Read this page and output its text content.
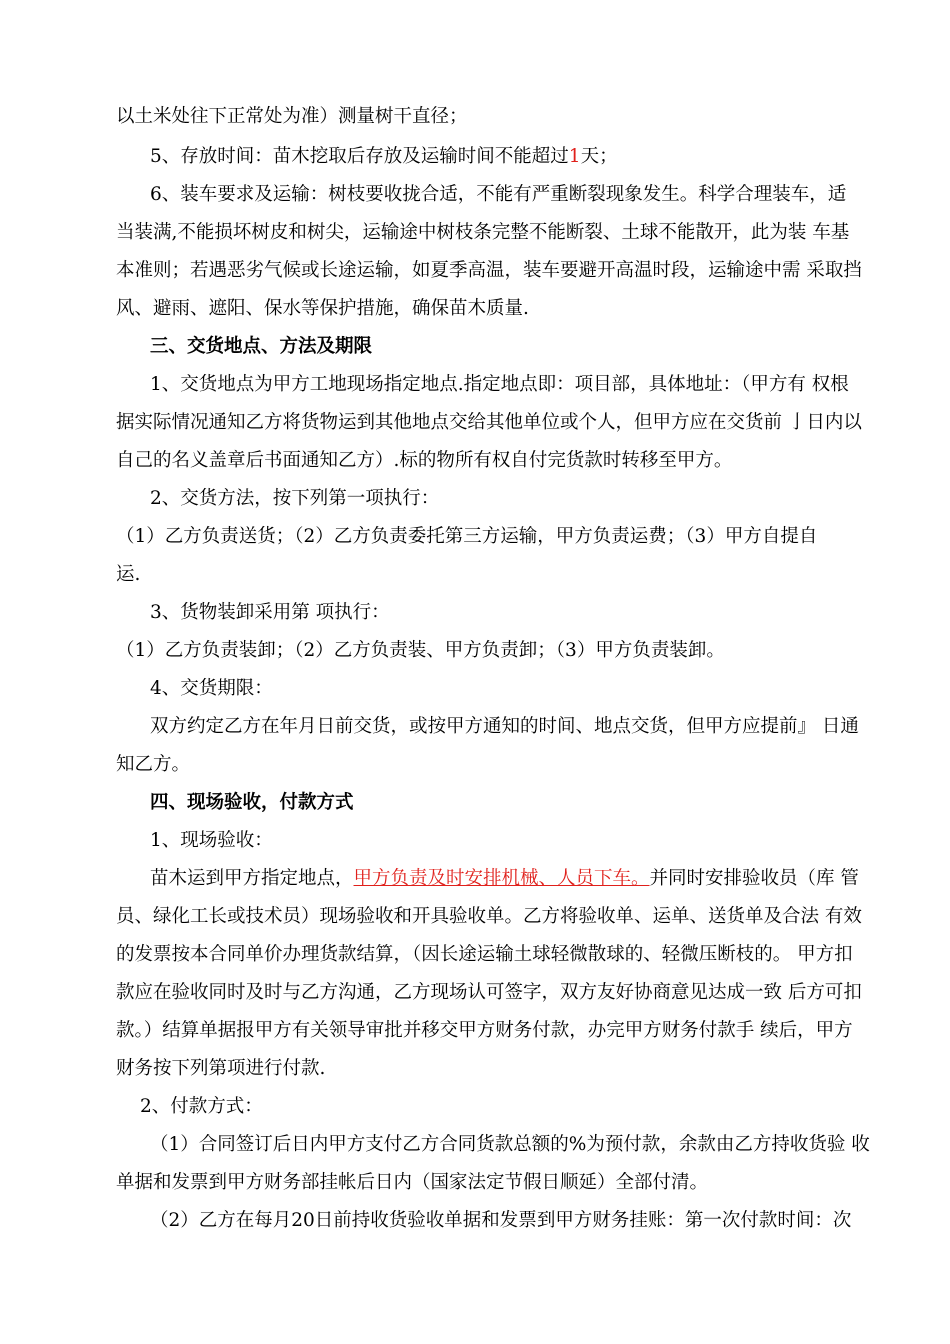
以土米处往下正常处为准）测量树干直径；
5、存放时间：苗木挖取后存放及运输时间不能超过1天；
6、装车要求及运输：树枝要收拢合适，不能有严重断裂现象发生。科学合理装车，适
当装满,不能损坏树皮和树尖，运输途中树枝条完整不能断裂、土球不能散开，此为装 车基
本准则；若遇恶劣气候或长途运输，如夏季高温，装车要避开高温时段，运输途中需 采取挡
风、避雨、遮阳、保水等保护措施，确保苗木质量.
三、交货地点、方法及期限
1、交货地点为甲方工地现场指定地点.指定地点即：项目部，具体地址：（甲方有 权根
据实际情况通知乙方将货物运到其他地点交给其他单位或个人，但甲方应在交货前 亅日内以
自己的名义盖章后书面通知乙方）.标的物所有权自付完货款时转移至甲方。
2、交货方法，按下列第一项执行：
（1）乙方负责送货；（2）乙方负责委托第三方运输，甲方负责运费；（3）甲方自提自
运.
3、货物装卸采用第 项执行：
（1）乙方负责装卸；（2）乙方负责装、甲方负责卸；（3）甲方负责装卸。
4、交货期限：
双方约定乙方在年月日前交货，或按甲方通知的时间、地点交货，但甲方应提前』 日通
知乙方。
四、现场验收，付款方式
1、现场验收：
苗木运到甲方指定地点，甲方负责及时安排机械、人员下车。并同时安排验收员（库 管
员、绿化工长或技术员）现场验收和开具验收单。乙方将验收单、运单、送货单及合法 有效
的发票按本合同单价办理货款结算，（因长途运输土球轻微散球的、轻微压断枝的。 甲方扣
款应在验收同时及时与乙方沟通，乙方现场认可签字，双方友好协商意见达成一致 后方可扣
款。）结算单据报甲方有关领导审批并移交甲方财务付款，办完甲方财务付款手 续后，甲方
财务按下列第项进行付款.
2、付款方式：
（1）合同签订后日内甲方支付乙方合同货款总额的%为预付款，余款由乙方持收货验 收
单据和发票到甲方财务部挂帐后日内（国家法定节假日顺延）全部付清。
（2）乙方在每月20日前持收货验收单据和发票到甲方财务挂账：第一次付款时间：次
